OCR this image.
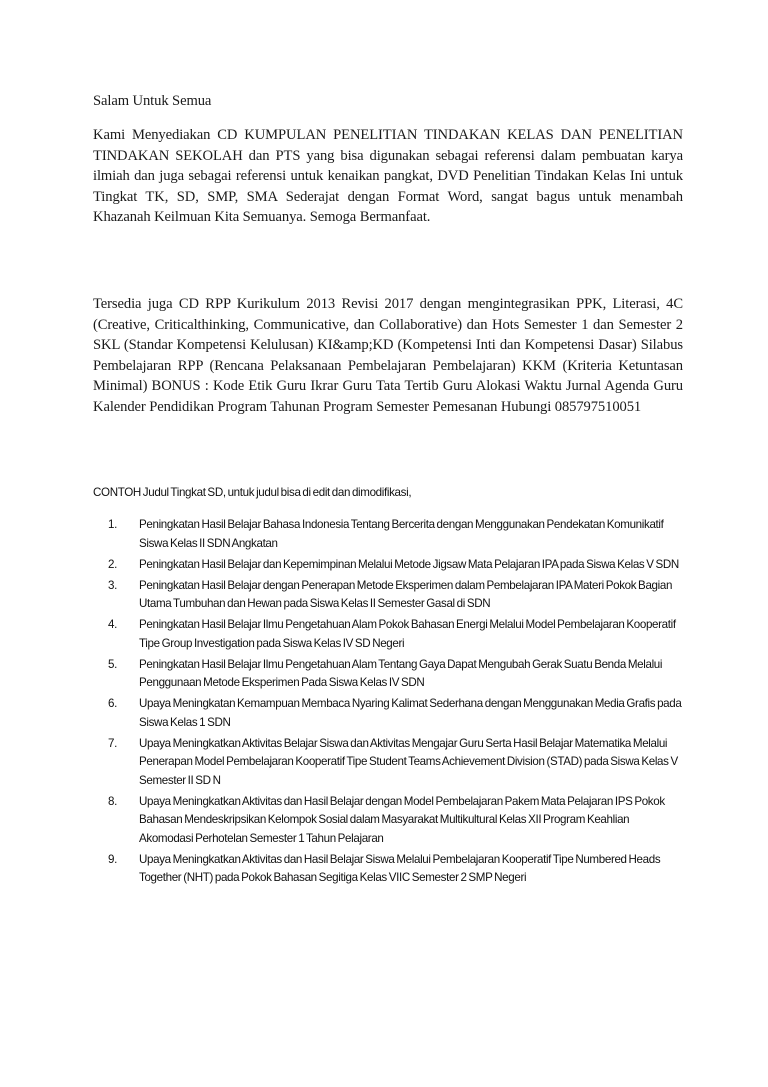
Salam Untuk Semua
Kami Menyediakan CD KUMPULAN PENELITIAN TINDAKAN KELAS DAN PENELITIAN TINDAKAN SEKOLAH dan PTS yang bisa digunakan sebagai referensi dalam pembuatan karya ilmiah dan juga sebagai referensi untuk kenaikan pangkat, DVD Penelitian Tindakan Kelas Ini untuk Tingkat TK, SD, SMP, SMA Sederajat dengan Format Word, sangat bagus untuk menambah Khazanah Keilmuan Kita Semuanya. Semoga Bermanfaat.
Tersedia juga CD RPP Kurikulum 2013 Revisi 2017 dengan mengintegrasikan PPK, Literasi, 4C (Creative, Criticalthinking, Communicative, dan Collaborative) dan Hots Semester 1 dan Semester 2 SKL (Standar Kompetensi Kelulusan) KI&amp;KD (Kompetensi Inti dan Kompetensi Dasar) Silabus Pembelajaran RPP (Rencana Pelaksanaan Pembelajaran Pembelajaran) KKM (Kriteria Ketuntasan Minimal) BONUS : Kode Etik Guru Ikrar Guru Tata Tertib Guru Alokasi Waktu Jurnal Agenda Guru Kalender Pendidikan Program Tahunan Program Semester Pemesanan Hubungi 085797510051
CONTOH Judul Tingkat SD, untuk judul bisa di edit dan dimodifikasi,
1.	Peningkatan Hasil Belajar Bahasa Indonesia Tentang Bercerita dengan Menggunakan Pendekatan Komunikatif Siswa Kelas II SDN Angkatan
2.	Peningkatan Hasil Belajar dan Kepemimpinan Melalui Metode Jigsaw Mata Pelajaran IPA pada Siswa Kelas V SDN
3.	Peningkatan Hasil Belajar dengan Penerapan Metode Eksperimen dalam Pembelajaran IPA Materi Pokok Bagian Utama Tumbuhan dan Hewan pada Siswa Kelas II Semester Gasal di SDN
4.	Peningkatan Hasil Belajar Ilmu Pengetahuan Alam Pokok Bahasan Energi Melalui Model Pembelajaran Kooperatif Tipe Group Investigation pada Siswa Kelas IV SD Negeri
5.	Peningkatan Hasil Belajar Ilmu Pengetahuan Alam Tentang Gaya Dapat Mengubah Gerak Suatu Benda Melalui Penggunaan Metode Eksperimen Pada Siswa Kelas IV SDN
6.	Upaya Meningkatan Kemampuan Membaca Nyaring Kalimat Sederhana dengan Menggunakan Media Grafis pada Siswa Kelas 1 SDN
7.	Upaya Meningkatkan Aktivitas Belajar Siswa dan Aktivitas Mengajar Guru Serta Hasil Belajar Matematika Melalui Penerapan Model Pembelajaran Kooperatif Tipe Student Teams Achievement Division (STAD) pada Siswa Kelas V Semester II SD N
8.	Upaya Meningkatkan Aktivitas dan Hasil Belajar dengan Model Pembelajaran Pakem Mata Pelajaran IPS Pokok Bahasan Mendeskripsikan Kelompok Sosial dalam Masyarakat Multikultural Kelas XII Program Keahlian Akomodasi Perhotelan Semester 1 Tahun Pelajaran
9.	Upaya Meningkatkan Aktivitas dan Hasil Belajar Siswa Melalui Pembelajaran Kooperatif Tipe Numbered Heads Together (NHT) pada Pokok Bahasan Segitiga Kelas VIIC Semester 2 SMP Negeri
